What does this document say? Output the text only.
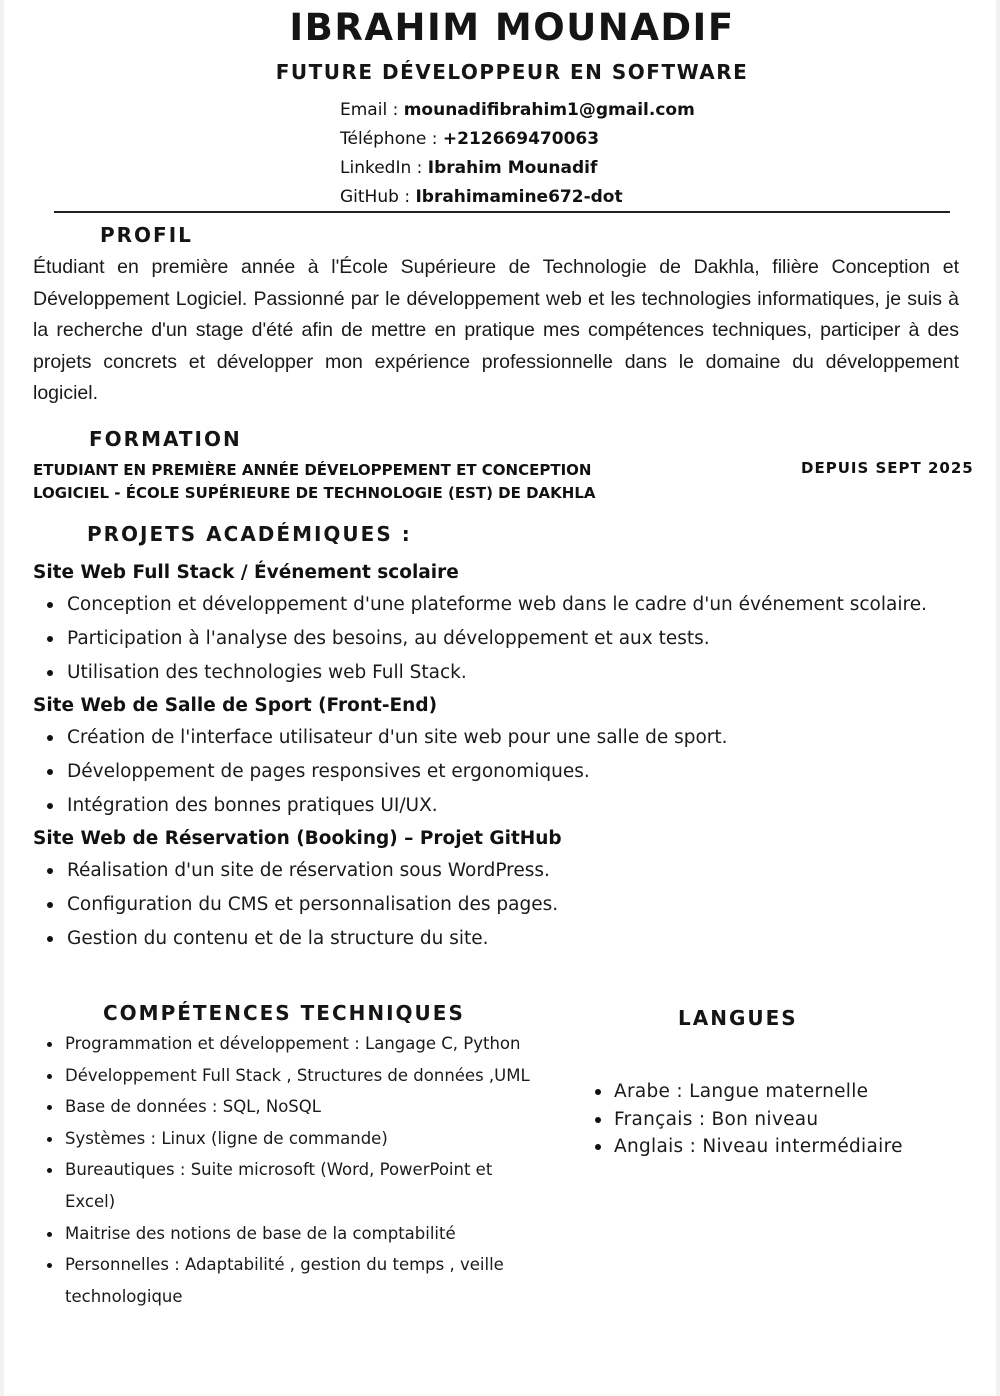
IBRAHIM MOUNADIF
FUTURE DÉVELOPPEUR EN SOFTWARE
Email : mounadifibrahim1@gmail.com
Téléphone : +212669470063
LinkedIn : Ibrahim Mounadif
GitHub : Ibrahimamine672-dot
PROFIL
Étudiant en première année à l'École Supérieure de Technologie de Dakhla, filière Conception et Développement Logiciel. Passionné par le développement web et les technologies informatiques, je suis à la recherche d'un stage d'été afin de mettre en pratique mes compétences techniques, participer à des projets concrets et développer mon expérience professionnelle dans le domaine du développement logiciel.
FORMATION
ETUDIANT EN PREMIÈRE ANNÉE DÉVELOPPEMENT ET CONCEPTION
LOGICIEL - ÉCOLE SUPÉRIEURE DE TECHNOLOGIE (EST) DE DAKHLA
DEPUIS SEPT 2025
PROJETS ACADÉMIQUES :
Site Web Full Stack / Événement scolaire
Conception et développement d'une plateforme web dans le cadre d'un événement scolaire.
Participation à l'analyse des besoins, au développement et aux tests.
Utilisation des technologies web Full Stack.
Site Web de Salle de Sport (Front-End)
Création de l'interface utilisateur d'un site web pour une salle de sport.
Développement de pages responsives et ergonomiques.
Intégration des bonnes pratiques UI/UX.
Site Web de Réservation (Booking) – Projet GitHub
Réalisation d'un site de réservation sous WordPress.
Configuration du CMS et personnalisation des pages.
Gestion du contenu et de la structure du site.
COMPÉTENCES TECHNIQUES
Programmation et développement : Langage C, Python
Développement Full Stack , Structures de données ,UML
Base de données : SQL, NoSQL
Systèmes : Linux (ligne de commande)
Bureautiques : Suite microsoft (Word, PowerPoint et Excel)
Maitrise des notions de base de la comptabilité
Personnelles : Adaptabilité , gestion du temps , veille technologique
LANGUES
Arabe : Langue maternelle
Français : Bon niveau
Anglais : Niveau intermédiaire
